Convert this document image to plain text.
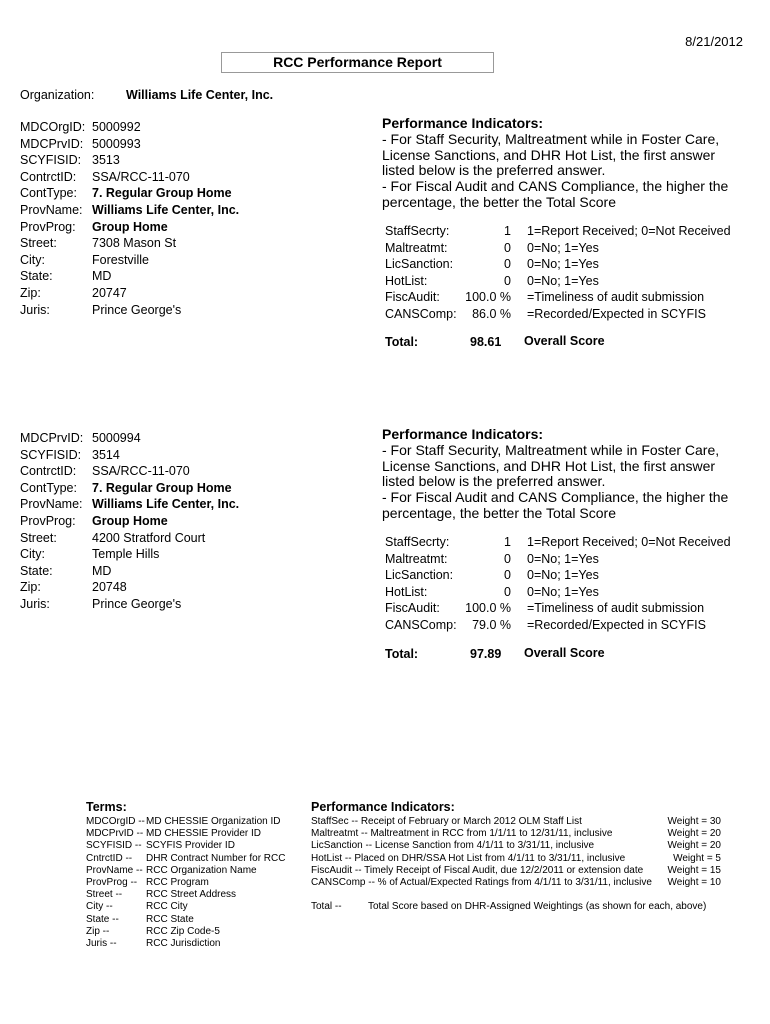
8/21/2012
RCC Performance Report
Organization:	Williams Life Center, Inc.
MDCOrgID: 5000992
MDCPrvID: 5000993
SCYFISID: 3513
ContrctID: SSA/RCC-11-070
ContType: 7. Regular Group Home
ProvName: Williams Life Center, Inc.
ProvProg: Group Home
Street:	7308 Mason St
City:	Forestville
State:	MD
Zip:	20747
Juris:	Prince George's
Performance Indicators:
- For Staff Security, Maltreatment while in Foster Care,
License Sanctions, and DHR Hot List, the first answer
listed below is the preferred answer.
- For Fiscal Audit and CANS Compliance, the higher the
percentage, the better the Total Score
StaffSecrty:	1 1=Report Received; 0=Not Received
Maltreatmt:	0 0=No; 1=Yes
LicSanction:	0 0=No; 1=Yes
HotList:	0 0=No; 1=Yes
FiscAudit:	100.0 % =Timeliness of audit submission
CANSComp:	86.0 % =Recorded/Expected in SCYFIS
Total:	98.61 Overall Score
MDCPrvID: 5000994
SCYFISID: 3514
ContrctID: SSA/RCC-11-070
ContType: 7. Regular Group Home
ProvName: Williams Life Center, Inc.
ProvProg: Group Home
Street:	4200 Stratford Court
City:	Temple Hills
State:	MD
Zip:	20748
Juris:	Prince George's
Performance Indicators:
- For Staff Security, Maltreatment while in Foster Care,
License Sanctions, and DHR Hot List, the first answer
listed below is the preferred answer.
- For Fiscal Audit and CANS Compliance, the higher the
percentage, the better the Total Score
StaffSecrty:	1 1=Report Received; 0=Not Received
Maltreatmt:	0 0=No; 1=Yes
LicSanction:	0 0=No; 1=Yes
HotList:	0 0=No; 1=Yes
FiscAudit:	100.0 % =Timeliness of audit submission
CANSComp:	79.0 % =Recorded/Expected in SCYFIS
Total:	97.89 Overall Score
Terms:
MDCOrgID -- MD CHESSIE Organization ID
MDCPrvID -- MD CHESSIE Provider ID
SCYFISID -- SCYFIS Provider ID
CntrctID -- DHR Contract Number for RCC
ProvName -- RCC Organization Name
ProvProg -- RCC Program
Street -- RCC Street Address
City --	RCC City
State --	RCC State
Zip --	RCC Zip Code-5
Juris --	RCC Jurisdiction
Performance Indicators:
StaffSec -- Receipt of February or March 2012 OLM Staff List	Weight = 30
Maltreatmt -- Maltreatment in RCC from 1/1/11 to 12/31/11, inclusive	Weight = 20
LicSanction -- License Sanction from 4/1/11 to 3/31/11, inclusive	Weight = 20
HotList -- Placed on DHR/SSA Hot List from 4/1/11 to 3/31/11, inclusive	Weight = 5
FiscAudit -- Timely Receipt of Fiscal Audit, due 12/2/2011 or extension date Weight = 15
CANSComp -- % of Actual/Expected Ratings from 4/1/11 to 3/31/11, inclusive Weight = 10
Total --	Total Score based on DHR-Assigned Weightings (as shown for each, above)
